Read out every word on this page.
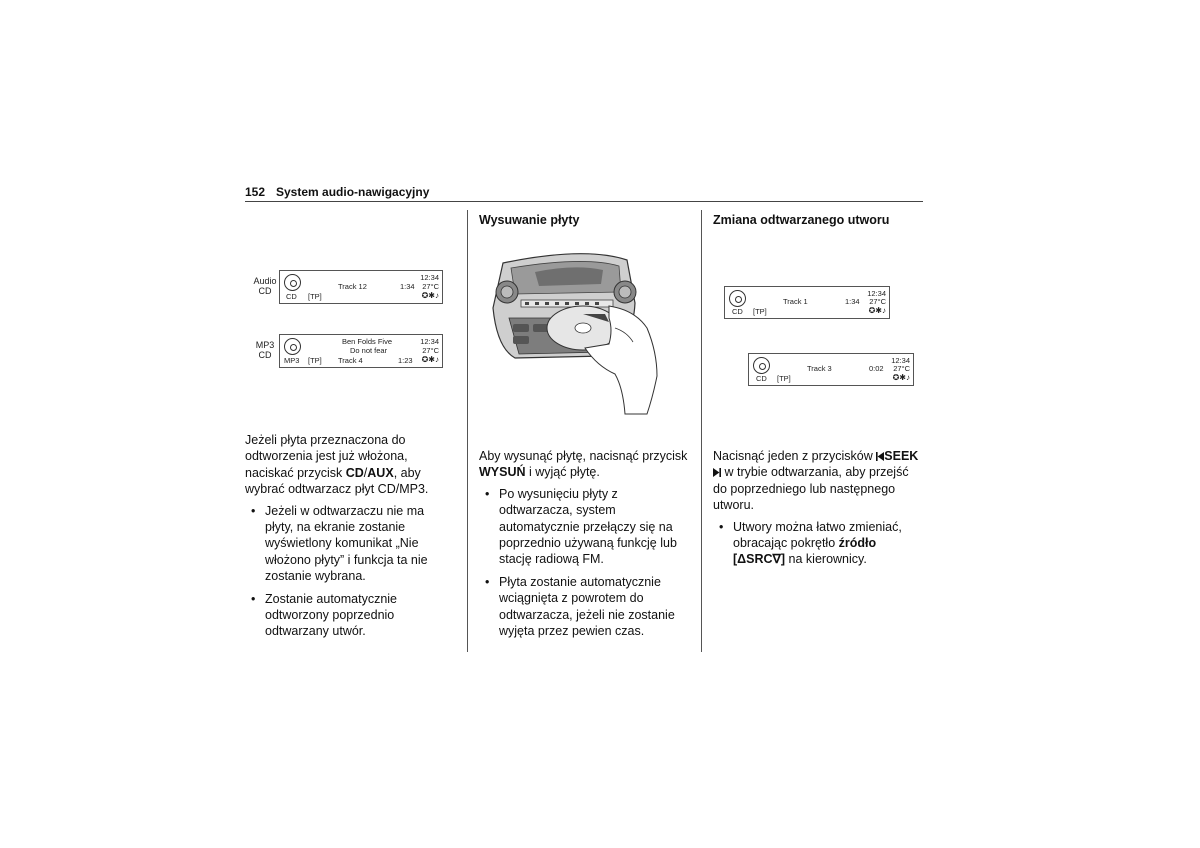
152 System audio-nawigacyjny
Audio
CD
12:34
Track 12	1:34 27°C
CD [TP]	✪✱♪
MP3
CD
Ben Folds Five	12:34
Do not fear	27°C
MP3 [TP] Track 4	1:23 ✪✱♪

Jeżeli płyta przeznaczona do odtworzenia jest już włożona, naciskać przycisk CD/AUX, aby wybrać odtwarzacz płyt CD/MP3.

• Jeżeli w odtwarzaczu nie ma płyty, na ekranie zostanie wyświetlony komunikat „Nie włożono płyty” i funkcja ta nie zostanie wybrana.
• Zostanie automatycznie odtworzony poprzednio odtwarzany utwór.
Wysuwanie płyty

Aby wysunąć płytę, nacisnąć przycisk WYSUŃ i wyjąć płytę.

• Po wysunięciu płyty z odtwarzacza, system automatycznie przełączy się na poprzednio używaną funkcję lub stację radiową FM.
• Płyta zostanie automatycznie wciągnięta z powrotem do odtwarzacza, jeżeli nie zostanie wyjęta przez pewien czas.
Zmiana odtwarzanego utworu
12:34
Track 1	1:34 27°C
CD [TP]	✪✱♪
12:34
Track 3	0:02 27°C
CD [TP]	✪✱♪

Nacisnąć jeden z przycisków SEEK w trybie odtwarzania, aby przejść do poprzedniego lub następnego utworu.

• Utwory można łatwo zmieniać, obracając pokrętło źródło
[ΔSRC∇] na kierownicy.
